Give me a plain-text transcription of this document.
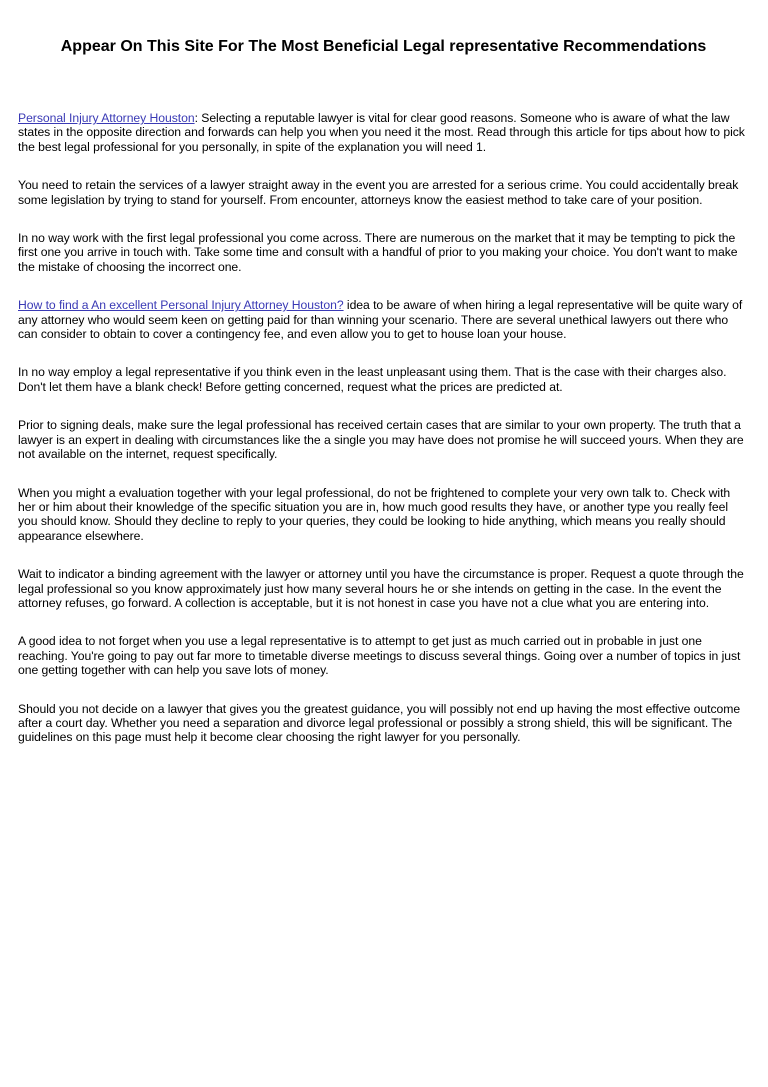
Appear On This Site For The Most Beneficial Legal representative Recommendations

Personal Injury Attorney Houston: Selecting a reputable lawyer is vital for clear good reasons. Someone who is aware of what the law states in the opposite direction and forwards can help you when you need it the most. Read through this article for tips about how to pick the best legal professional for you personally, in spite of the explanation you will need 1.

You need to retain the services of a lawyer straight away in the event you are arrested for a serious crime. You could accidentally break some legislation by trying to stand for yourself. From encounter, attorneys know the easiest method to take care of your position.

In no way work with the first legal professional you come across. There are numerous on the market that it may be tempting to pick the first one you arrive in touch with. Take some time and consult with a handful of prior to you making your choice. You don't want to make the mistake of choosing the incorrect one.

How to find a An excellent Personal Injury Attorney Houston? idea to be aware of when hiring a legal representative will be quite wary of any attorney who would seem keen on getting paid for than winning your scenario. There are several unethical lawyers out there who can consider to obtain to cover a contingency fee, and even allow you to get to house loan your house.

In no way employ a legal representative if you think even in the least unpleasant using them. That is the case with their charges also. Don't let them have a blank check! Before getting concerned, request what the prices are predicted at.

Prior to signing deals, make sure the legal professional has received certain cases that are similar to your own property. The truth that a lawyer is an expert in dealing with circumstances like the a single you may have does not promise he will succeed yours. When they are not available on the internet, request specifically.

When you might a evaluation together with your legal professional, do not be frightened to complete your very own talk to. Check with her or him about their knowledge of the specific situation you are in, how much good results they have, or another type you really feel you should know. Should they decline to reply to your queries, they could be looking to hide anything, which means you really should appearance elsewhere.

Wait to indicator a binding agreement with the lawyer or attorney until you have the circumstance is proper. Request a quote through the legal professional so you know approximately just how many several hours he or she intends on getting in the case. In the event the attorney refuses, go forward. A collection is acceptable, but it is not honest in case you have not a clue what you are entering into.

A good idea to not forget when you use a legal representative is to attempt to get just as much carried out in probable in just one reaching. You're going to pay out far more to timetable diverse meetings to discuss several things. Going over a number of topics in just one getting together with can help you save lots of money.

Should you not decide on a lawyer that gives you the greatest guidance, you will possibly not end up having the most effective outcome after a court day. Whether you need a separation and divorce legal professional or possibly a strong shield, this will be significant. The guidelines on this page must help it become clear choosing the right lawyer for you personally.
